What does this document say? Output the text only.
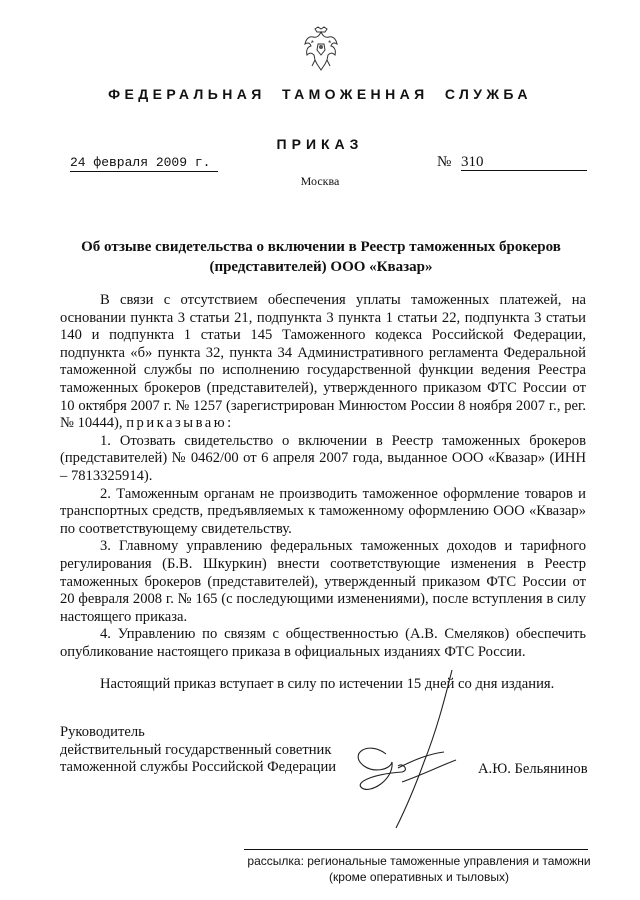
ФЕДЕРАЛЬНАЯ ТАМОЖЕННАЯ СЛУЖБА
ПРИКАЗ
24 февраля 2009 г.	№ 310
Москва
Об отзыве свидетельства о включении в Реестр таможенных брокеров
(представителей) ООО «Квазар»

В связи с отсутствием обеспечения уплаты таможенных платежей, на основании пункта 3 статьи 21, подпункта 3 пункта 1 статьи 22, подпункта 3 статьи 140 и подпункта 1 статьи 145 Таможенного кодекса Российской Федерации, подпункта «б» пункта 32, пункта 34 Административного регламента Федеральной таможенной службы по исполнению государственной функции ведения Реестра таможенных брокеров (представителей), утвержденного приказом ФТС России от 10 октября 2007 г. № 1257 (зарегистрирован Минюстом России 8 ноября 2007 г., рег. № 10444), приказываю:

1. Отозвать свидетельство о включении в Реестр таможенных брокеров (представителей) № 0462/00 от 6 апреля 2007 года, выданное ООО «Квазар» (ИНН – 7813325914).

2. Таможенным органам не производить таможенное оформление товаров и транспортных средств, предъявляемых к таможенному оформлению ООО «Квазар» по соответствующему свидетельству.

3. Главному управлению федеральных таможенных доходов и тарифного регулирования (Б.В. Шкуркин) внести соответствующие изменения в Реестр таможенных брокеров (представителей), утвержденный приказом ФТС России от 20 февраля 2008 г. № 165 (с последующими изменениями), после вступления в силу настоящего приказа.

4. Управлению по связям с общественностью (А.В. Смеляков) обеспечить опубликование настоящего приказа в официальных изданиях ФТС России.

Настоящий приказ вступает в силу по истечении 15 дней со дня издания.
Руководитель
действительный государственный советник
таможенной службы Российской Федерации	А.Ю. Бельянинов
рассылка: региональные таможенные управления и таможни
(кроме оперативных и тыловых)
